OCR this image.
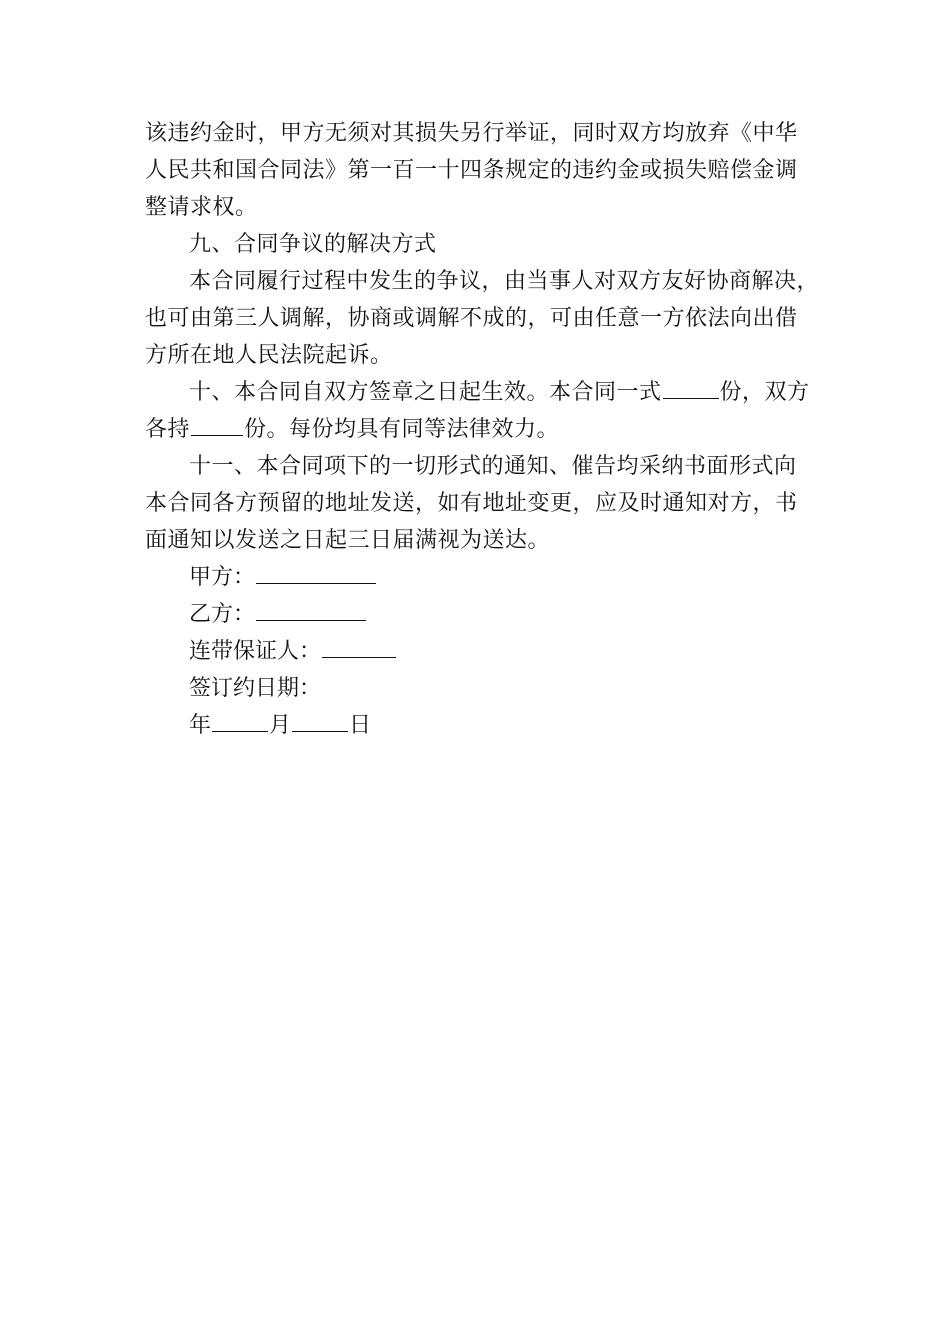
该违约金时，甲方无须对其损失另行举证，同时双方均放弃《中华
人民共和国合同法》第一百一十四条规定的违约金或损失赔偿金调
整请求权。

九、合同争议的解决方式
本合同履行过程中发生的争议，由当事人对双方友好协商解决，
也可由第三人调解，协商或调解不成的，可由任意一方依法向出借
方所在地人民法院起诉。

十、本合同自双方签章之日起生效。本合同一式	份，双方
各持 份。每份均具有同等法律效力。

十一、本合同项下的一切形式的通知、催告均采纳书面形式向
本合同各方预留的地址发送，如有地址变更，应及时通知对方，书
面通知以发送之日起三日届满视为送达。

甲方：

乙方：

连带保证人：

签订约日期：

年	月	日
